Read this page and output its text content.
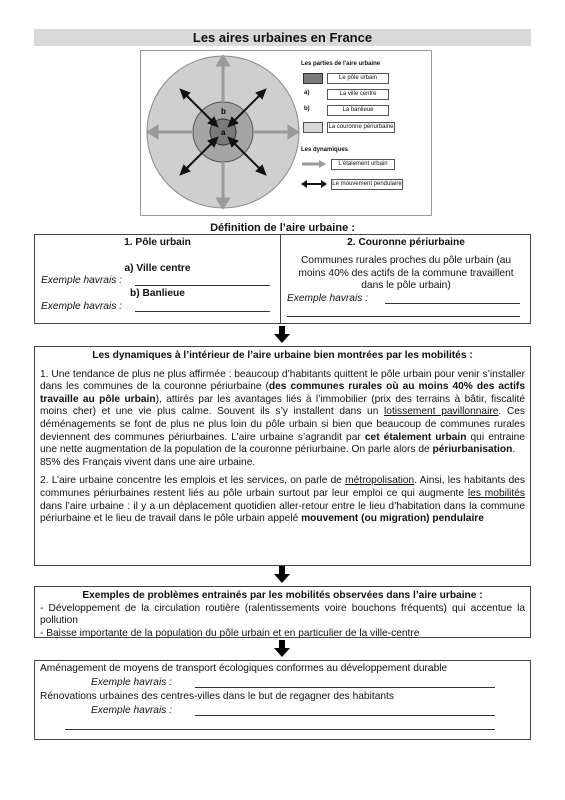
Les aires urbaines en France
b
a
Les parties de l'aire urbaine
Le pôle urbain
a)	La ville centre
b)	La banlieue
La couronne périurbaine
Les dynamiques
L'étalement urbain
Le mouvement pendulaire
Définition de l’aire urbaine :
1. Pôle urbain
a) Ville centre
Exemple havrais :
b) Banlieue
Exemple havrais :
2. Couronne périurbaine
Communes rurales proches du pôle urbain (au moins 40% des actifs de la commune travaillent dans le pôle urbain)
Exemple havrais :
Les dynamiques à l’intérieur de l’aire urbaine bien montrées par les mobilités :

1. Une tendance de plus ne plus affirmée : beaucoup d’habitants quittent le pôle urbain pour venir s’installer dans les communes de la couronne périurbaine (des communes rurales où au moins 40% des actifs travaille au pôle urbain), attirés par les avantages liés à l’immobilier (prix des terrains à bâtir, fiscalité moins cher) et une vie plus calme. Souvent ils s’y installent dans un lotissement pavillonnaire. Ces déménagements se font de plus ne plus loin du pôle urbain si bien que beaucoup de communes rurales deviennent des communes périurbaines. L’aire urbaine s’agrandit par cet étalement urbain qui entraine une nette augmentation de la population de la couronne périurbaine. On parle alors de périurbanisation.

85% des Français vivent dans une aire urbaine.

2. L’aire urbaine concentre les emplois et les services, on parle de métropolisation. Ainsi, les habitants des communes périurbaines restent liés au pôle urbain surtout par leur emploi ce qui augmente les mobilités dans l’aire urbaine : il y a un déplacement quotidien aller-retour entre le lieu d’habitation dans la commune périurbaine et le lieu de travail dans le pôle urbain appelé mouvement (ou migration) pendulaire

Exemples de problèmes entrainés par les mobilités observées dans l’aire urbaine :

- Développement de la circulation routière (ralentissements voire bouchons fréquents) qui accentue la pollution

- Baisse importante de la population du pôle urbain et en particulier de la ville-centre

Aménagement de moyens de transport écologiques conformes au développement durable
Exemple havrais :
Rénovations urbaines des centres-villes dans le but de regagner des habitants
Exemple havrais :
